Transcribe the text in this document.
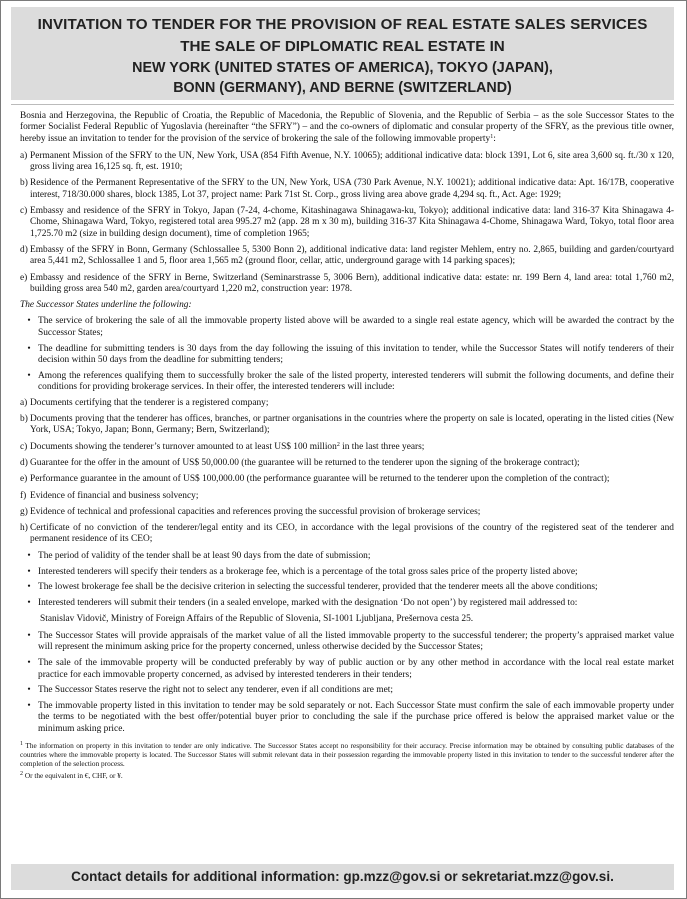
INVITATION TO TENDER FOR THE PROVISION OF REAL ESTATE SALES SERVICES
THE SALE OF DIPLOMATIC REAL ESTATE IN
NEW YORK (UNITED STATES OF AMERICA), TOKYO (JAPAN),
BONN (GERMANY), AND BERNE (SWITZERLAND)

Bosnia and Herzegovina, the Republic of Croatia, the Republic of Macedonia, the Republic of Slovenia, and the Republic of Serbia – as the sole Successor States to the former Socialist Federal Republic of Yugoslavia (hereinafter “the SFRY”) – and the co-owners of diplomatic and consular property of the SFRY, as the previous title owner, hereby issue an invitation to tender for the provision of the service of brokering the sale of the following immovable property$^1$:

a) Permanent Mission of the SFRY to the UN, New York, USA (854 Fifth Avenue, N.Y. 10065); additional indicative data: block 1391, Lot 6, site area 3,600 sq. ft./30 x 120, gross living area 16,125 sq. ft, est. 1910;
b) Residence of the Permanent Representative of the SFRY to the UN, New York, USA (730 Park Avenue, N.Y. 10021); additional indicative data: Apt. 16/17B, cooperative interest, 718/30.000 shares, block 1385, Lot 37, project name: Park 71st St. Corp., gross living area above grade 4,294 sq. ft., Act. Age: 1929;
c) Embassy and residence of the SFRY in Tokyo, Japan (7-24, 4-chome, Kitashinagawa Shinagawa-ku, Tokyo); additional indicative data: land 316-37 Kita Shinagawa 4-Chome, Shinagawa Ward, Tokyo, registered total area 995.27 m2 (app. 28 m x 30 m), building 316-37 Kita Shinagawa 4-Chome, Shinagawa Ward, Tokyo, total floor area 1,725.70 m2 (size in building design document), time of completion 1965;
d) Embassy of the SFRY in Bonn, Germany (Schlossallee 5, 5300 Bonn 2), additional indicative data: land register Mehlem, entry no. 2,865, building and garden/courtyard area 5,441 m2, Schlossallee 1 and 5, floor area 1,565 m2 (ground floor, cellar, attic, underground garage with 14 parking spaces);
e) Embassy and residence of the SFRY in Berne, Switzerland (Seminarstrasse 5, 3006 Bern), additional indicative data: estate: nr. 199 Bern 4, land area: total 1,760 m2, building gross area 540 m2, garden area/courtyard 1,220 m2, construction year: 1978.

The Successor States underline the following:

• The service of brokering the sale of all the immovable property listed above will be awarded to a single real estate agency, which will be awarded the contract by the Successor States;
• The deadline for submitting tenders is 30 days from the day following the issuing of this invitation to tender, while the Successor States will notify tenderers of their decision within 50 days from the deadline for submitting tenders;
• Among the references qualifying them to successfully broker the sale of the listed property, interested tenderers will submit the following documents, and define their conditions for providing brokerage services. In their offer, the interested tenderers will include:
a) Documents certifying that the tenderer is a registered company;
b) Documents proving that the tenderer has offices, branches, or partner organisations in the countries where the property on sale is located, operating in the listed cities (New York, USA; Tokyo, Japan; Bonn, Germany; Bern, Switzerland);
c) Documents showing the tenderer’s turnover amounted to at least US$ 100 million$^2$ in the last three years;
d) Guarantee for the offer in the amount of US$ 50,000.00 (the guarantee will be returned to the tenderer upon the signing of the brokerage contract);
e) Performance guarantee in the amount of US$ 100,000.00 (the performance guarantee will be returned to the tenderer upon the completion of the contract);
f) Evidence of financial and business solvency;
g) Evidence of technical and professional capacities and references proving the successful provision of brokerage services;
h) Certificate of no conviction of the tenderer/legal entity and its CEO, in accordance with the legal provisions of the country of the registered seat of the tenderer and permanent residence of its CEO;
• The period of validity of the tender shall be at least 90 days from the date of submission;
• Interested tenderers will specify their tenders as a brokerage fee, which is a percentage of the total gross sales price of the property listed above;
• The lowest brokerage fee shall be the decisive criterion in selecting the successful tenderer, provided that the tenderer meets all the above conditions;
• Interested tenderers will submit their tenders (in a sealed envelope, marked with the designation ‘Do not open’) by registered mail addressed to:

Stanislav Vidovič, Ministry of Foreign Affairs of the Republic of Slovenia, SI-1001 Ljubljana, Prešernova cesta 25.

• The Successor States will provide appraisals of the market value of all the listed immovable property to the successful tenderer; the property’s appraised market value will represent the minimum asking price for the property concerned, unless otherwise decided by the Successor States;
• The sale of the immovable property will be conducted preferably by way of public auction or by any other method in accordance with the local real estate market practice for each immovable property concerned, as advised by interested tenderers in their tenders;
• The Successor States reserve the right not to select any tenderer, even if all conditions are met;
• The immovable property listed in this invitation to tender may be sold separately or not. Each Successor State must confirm the sale of each immovable property under the terms to be negotiated with the best offer/potential buyer prior to concluding the sale if the purchase price offered is below the appraised market value or the minimum asking price.

$^1$ The information on property in this invitation to tender are only indicative. The Successor States accept no responsibility for their accuracy. Precise information may be obtained by consulting public databases of the countries where the immovable property is located. The Successor States will submit relevant data in their possession regarding the immovable property listed in this invitation to tender to the successful tenderer after the completion of the selection process.

$^2$ Or the equivalent in €, CHF, or ¥.

Contact details for additional information: gp.mzz@gov.si or sekretariat.mzz@gov.si.
